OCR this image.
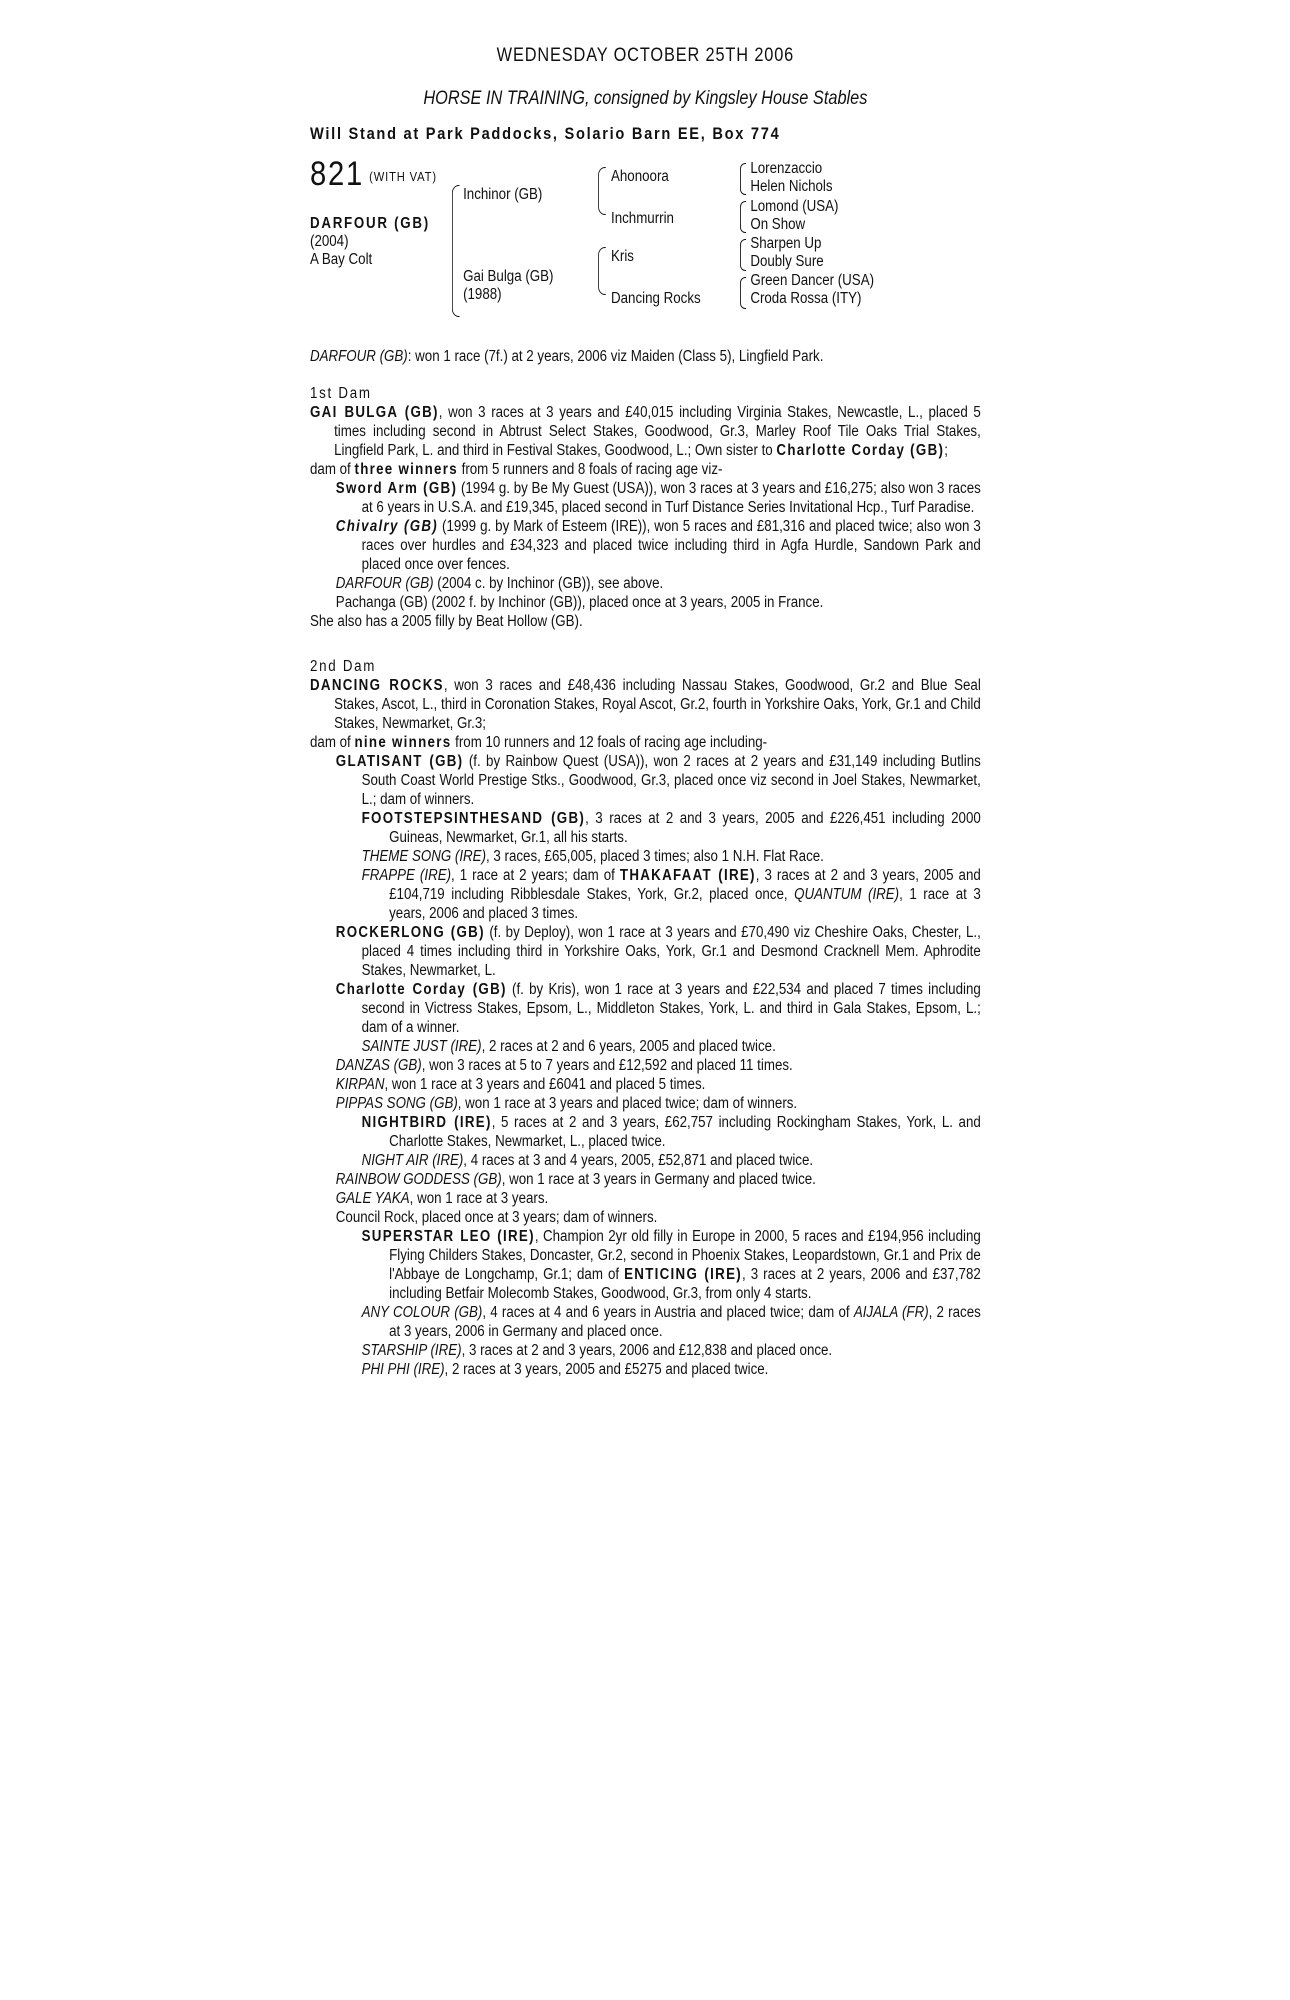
WEDNESDAY OCTOBER 25TH 2006
HORSE IN TRAINING, consigned by Kingsley House Stables
Will Stand at Park Paddocks, Solario Barn EE, Box 774
821 (WITH VAT)
DARFOUR (GB)
(2004)
A Bay Colt
Inchinor (GB)
Gai Bulga (GB)
(1988)
Ahonoora
Inchmurrin
Kris
Dancing Rocks
Lorenzaccio
Helen Nichols
Lomond (USA)
On Show
Sharpen Up
Doubly Sure
Green Dancer (USA)
Croda Rossa (ITY)
DARFOUR (GB): won 1 race (7f.) at 2 years, 2006 viz Maiden (Class 5), Lingfield Park.
1st Dam

GAI BULGA (GB), won 3 races at 3 years and £40,015 including Virginia Stakes, Newcastle, L., placed 5 times including second in Abtrust Select Stakes, Goodwood, Gr.3, Marley Roof Tile Oaks Trial Stakes, Lingfield Park, L. and third in Festival Stakes, Goodwood, L.; Own sister to Charlotte Corday (GB);

dam of three winners from 5 runners and 8 foals of racing age viz-

Sword Arm (GB) (1994 g. by Be My Guest (USA)), won 3 races at 3 years and £16,275; also won 3 races at 6 years in U.S.A. and £19,345, placed second in Turf Distance Series Invitational Hcp., Turf Paradise.

Chivalry (GB) (1999 g. by Mark of Esteem (IRE)), won 5 races and £81,316 and placed twice; also won 3 races over hurdles and £34,323 and placed twice including third in Agfa Hurdle, Sandown Park and placed once over fences.

DARFOUR (GB) (2004 c. by Inchinor (GB)), see above.

Pachanga (GB) (2002 f. by Inchinor (GB)), placed once at 3 years, 2005 in France.

She also has a 2005 filly by Beat Hollow (GB).

2nd Dam

DANCING ROCKS, won 3 races and £48,436 including Nassau Stakes, Goodwood, Gr.2 and Blue Seal Stakes, Ascot, L., third in Coronation Stakes, Royal Ascot, Gr.2, fourth in Yorkshire Oaks, York, Gr.1 and Child Stakes, Newmarket, Gr.3;

dam of nine winners from 10 runners and 12 foals of racing age including-

GLATISANT (GB) (f. by Rainbow Quest (USA)), won 2 races at 2 years and £31,149 including Butlins South Coast World Prestige Stks., Goodwood, Gr.3, placed once viz second in Joel Stakes, Newmarket, L.; dam of winners.

FOOTSTEPSINTHESAND (GB), 3 races at 2 and 3 years, 2005 and £226,451 including 2000 Guineas, Newmarket, Gr.1, all his starts.

THEME SONG (IRE), 3 races, £65,005, placed 3 times; also 1 N.H. Flat Race.

FRAPPE (IRE), 1 race at 2 years; dam of THAKAFAAT (IRE), 3 races at 2 and 3 years, 2005 and £104,719 including Ribblesdale Stakes, York, Gr.2, placed once, QUANTUM (IRE), 1 race at 3 years, 2006 and placed 3 times.

ROCKERLONG (GB) (f. by Deploy), won 1 race at 3 years and £70,490 viz Cheshire Oaks, Chester, L., placed 4 times including third in Yorkshire Oaks, York, Gr.1 and Desmond Cracknell Mem. Aphrodite Stakes, Newmarket, L.

Charlotte Corday (GB) (f. by Kris), won 1 race at 3 years and £22,534 and placed 7 times including second in Victress Stakes, Epsom, L., Middleton Stakes, York, L. and third in Gala Stakes, Epsom, L.; dam of a winner.

SAINTE JUST (IRE), 2 races at 2 and 6 years, 2005 and placed twice.

DANZAS (GB), won 3 races at 5 to 7 years and £12,592 and placed 11 times.

KIRPAN, won 1 race at 3 years and £6041 and placed 5 times.

PIPPAS SONG (GB), won 1 race at 3 years and placed twice; dam of winners.

NIGHTBIRD (IRE), 5 races at 2 and 3 years, £62,757 including Rockingham Stakes, York, L. and Charlotte Stakes, Newmarket, L., placed twice.

NIGHT AIR (IRE), 4 races at 3 and 4 years, 2005, £52,871 and placed twice.

RAINBOW GODDESS (GB), won 1 race at 3 years in Germany and placed twice.

GALE YAKA, won 1 race at 3 years.

Council Rock, placed once at 3 years; dam of winners.

SUPERSTAR LEO (IRE), Champion 2yr old filly in Europe in 2000, 5 races and £194,956 including Flying Childers Stakes, Doncaster, Gr.2, second in Phoenix Stakes, Leopardstown, Gr.1 and Prix de l'Abbaye de Longchamp, Gr.1; dam of ENTICING (IRE), 3 races at 2 years, 2006 and £37,782 including Betfair Molecomb Stakes, Goodwood, Gr.3, from only 4 starts.

ANY COLOUR (GB), 4 races at 4 and 6 years in Austria and placed twice; dam of AIJALA (FR), 2 races at 3 years, 2006 in Germany and placed once.

STARSHIP (IRE), 3 races at 2 and 3 years, 2006 and £12,838 and placed once.

PHI PHI (IRE), 2 races at 3 years, 2005 and £5275 and placed twice.
